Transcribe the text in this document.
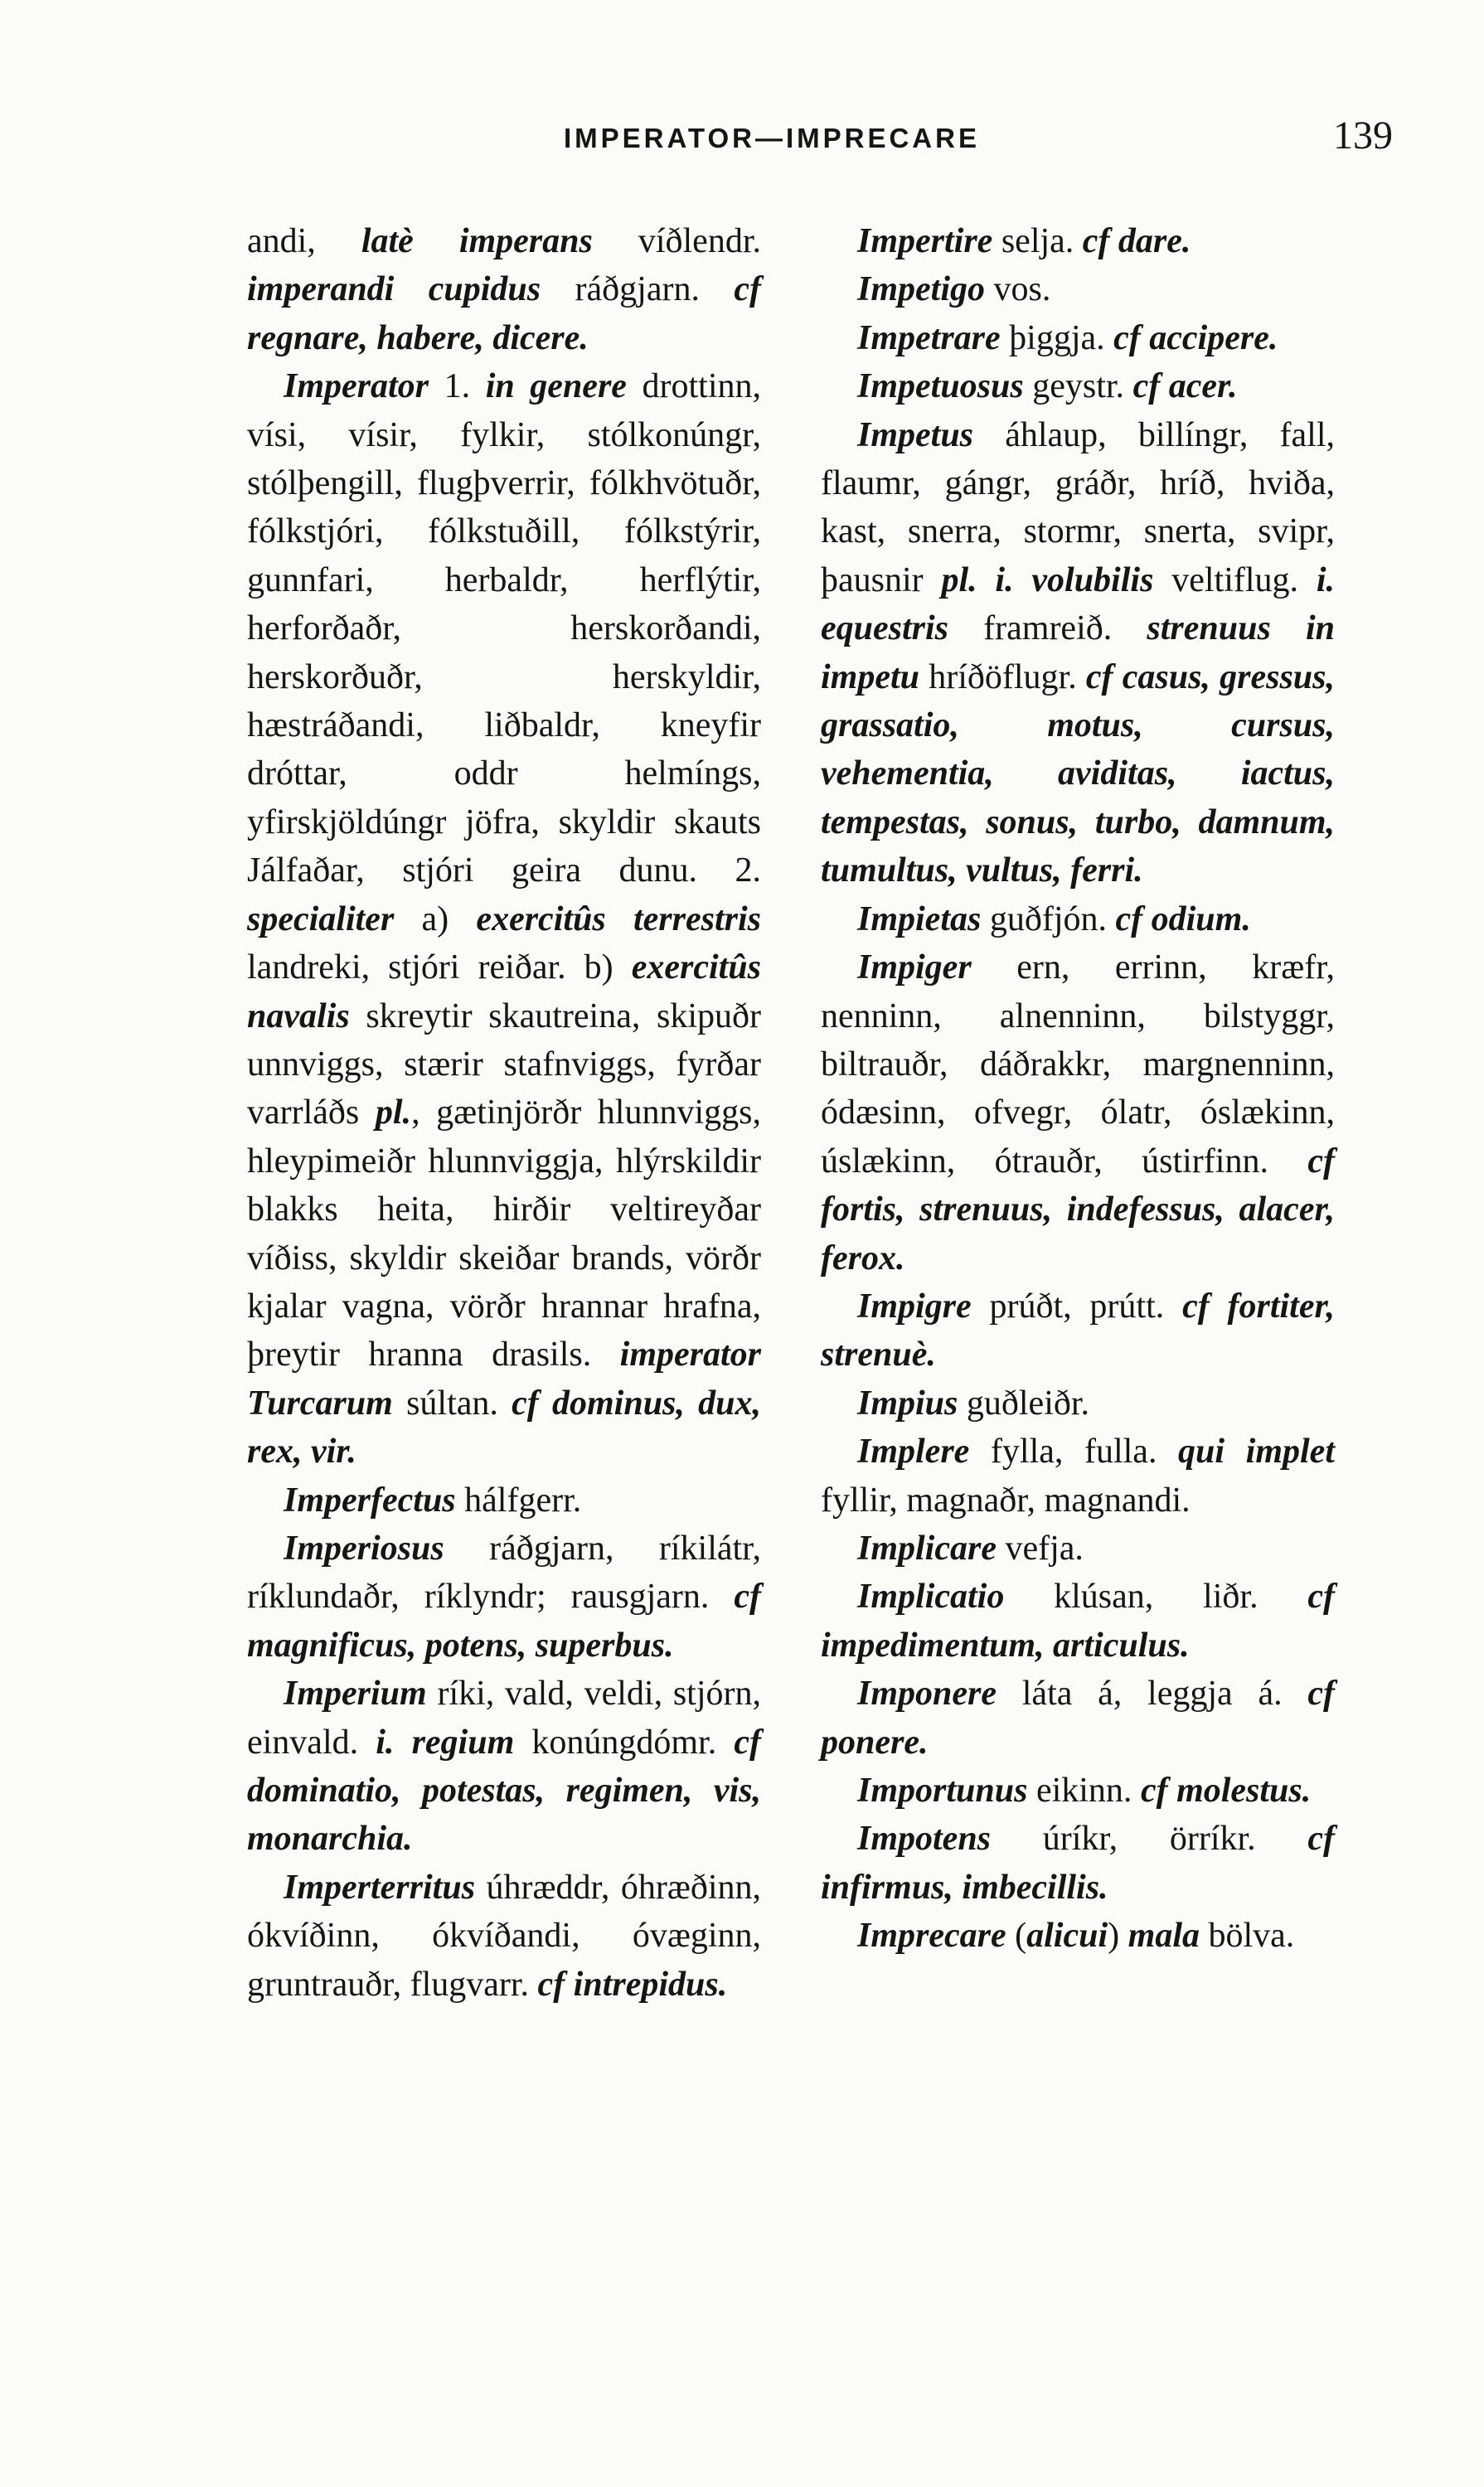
IMPERATOR—IMPRECARE	139

andi, latè imperans víðlendr. imperandi cupidus ráðgjarn. cf regnare, habere, dicere.

Imperator 1. in genere drottinn, vísi, vísir, fylkir, stólkonúngr, stólþengill, flugþverrir, fólkhvötuðr, fólkstjóri, fólkstuðill, fólkstýrir, gunnfari, herbaldr, herflýtir, herforðaðr, herskorðandi, herskorðuðr, herskyldir, hæstráðandi, liðbaldr, kneyfir dróttar, oddr helmíngs, yfirskjöldúngr jöfra, skyldir skauts Jálfaðar, stjóri geira dunu. 2. specialiter a) exercitûs terrestris landreki, stjóri reiðar. b) exercitûs navalis skreytir skautreina, skipuðr unnviggs, stærir stafnviggs, fyrðar varrláðs pl., gætinjörðr hlunnviggs, hleypimeiðr hlunnviggja, hlýrskildir blakks heita, hirðir veltireyðar víðiss, skyldir skeiðar brands, vörðr kjalar vagna, vörðr hrannar hrafna, þreytir hranna drasils. imperator Turcarum súltan. cf dominus, dux, rex, vir.

Imperfectus hálfgerr.

Imperiosus ráðgjarn, ríkilátr, ríklundaðr, ríklyndr; rausgjarn. cf magnificus, potens, superbus.

Imperium ríki, vald, veldi, stjórn, einvald. i. regium konúngdómr. cf dominatio, potestas, regimen, vis, monarchia.

Imperterritus úhræddr, óhræðinn, ókvíðinn, ókvíðandi, óvæginn, gruntrauðr, flugvarr. cf intrepidus.

Impertire selja. cf dare.

Impetigo vos.

Impetrare þiggja. cf accipere.

Impetuosus geystr. cf acer.

Impetus áhlaup, billíngr, fall, flaumr, gángr, gráðr, hríð, hviða, kast, snerra, stormr, snerta, svipr, þausnir pl. i. volubilis veltiflug. i. equestris framreið. strenuus in impetu hríðöflugr. cf casus, gressus, grassatio, motus, cursus, vehementia, aviditas, iactus, tempestas, sonus, turbo, damnum, tumultus, vultus, ferri.

Impietas guðfjón. cf odium.

Impiger ern, errinn, kræfr, nenninn, alnenninn, bilstyggr, biltrauðr, dáðrakkr, margnenninn, ódæsinn, ofvegr, ólatr, óslækinn, úslækinn, ótrauðr, ústirfinn. cf fortis, strenuus, indefessus, alacer, ferox.

Impigre prúðt, prútt. cf fortiter, strenuè.

Impius guðleiðr.

Implere fylla, fulla. qui implet fyllir, magnaðr, magnandi.

Implicare vefja.

Implicatio klúsan, liðr. cf impedimentum, articulus.

Imponere láta á, leggja á. cf ponere.

Importunus eikinn. cf molestus.

Impotens úríkr, örríkr. cf infirmus, imbecillis.

Imprecare (alicui) mala bölva.
